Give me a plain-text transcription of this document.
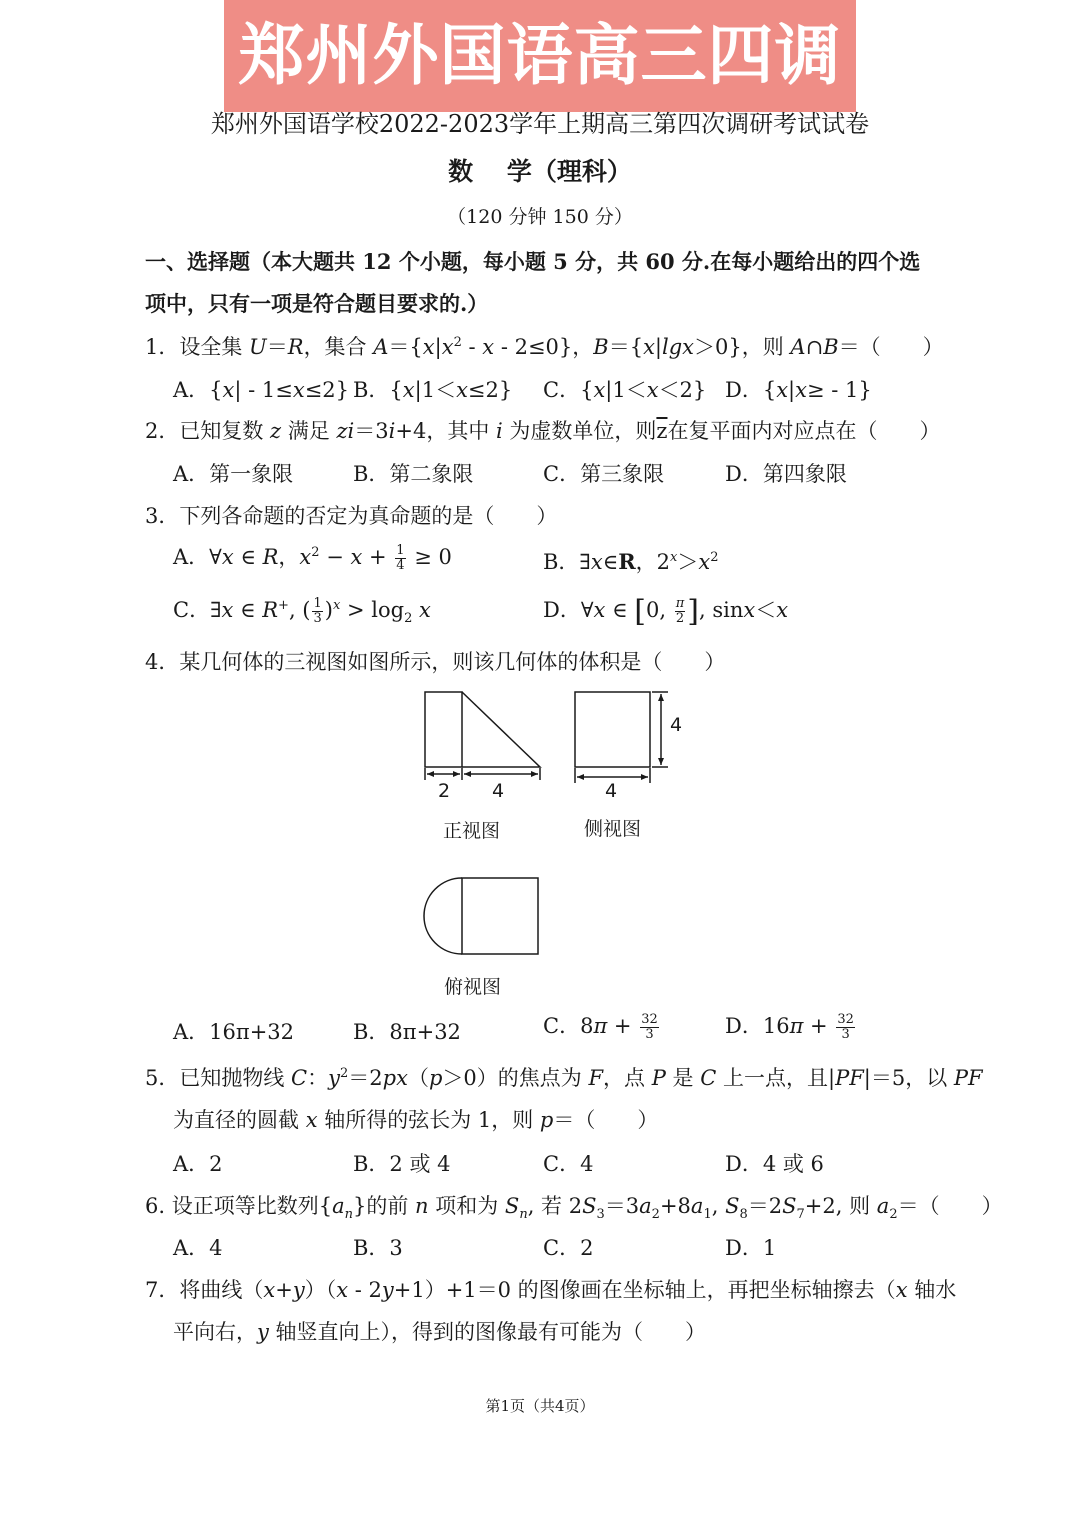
郑州外国语高三四调
郑州外国语学校2022-2023学年上期高三第四次调研考试试卷
数　 学（理科）
（120 分钟 150 分）
一、选择题（本大题共 12 个小题，每小题 5 分，共 60 分.在每小题给出的四个选
项中，只有一项是符合题目要求的.）
1．设全集 U＝R，集合 $A=\{x|x^2 - x - 2\le 0\}$，B＝{x|lgx＞0}，则 A∩B＝（　　）
A．{x| - 1≤x≤2} B．{x|1＜x≤2} C．{x|1＜x＜2} D．{x|x≥ - 1}
2．已知复数 z 满足 zi＝3i+4，其中 i 为虚数单位，则$\overline{z}$在复平面内对应点在（　　）
A．第一象限	B．第二象限	C．第三象限	D．第四象限
3．下列各命题的否定为真命题的是（　　）
A．∀x ∈ R，$x^2 - x + \frac{1}{4} \ge 0$	B．∃x∈R，$2^x>x^2$
C．∃x ∈ R+, ( $\frac{1}{3} )^x > \log_2 x$	D．∀x ∈ [0, $\frac{\pi}{2}$ ], sinx＜x
4．某几何体的三视图如图所示，则该几何体的体积是（　　）
2 4	4
4
正视图	侧视图
俯视图
A．16π+32	B．8π+32	C．$8\pi + \frac{32}{3}$	D．$16\pi + \frac{32}{3}$
5．已知抛物线 C：$y^2=2px(p>0)$的焦点为 F，点 P 是 C 上一点，且|PF|＝5，以 PF
为直径的圆截 x 轴所得的弦长为 1，则 p＝（　　）
A．2	B．2 或 4	C．4	D．4 或 6
6. 设正项等比数列$\{a_n\}$的前 n 项和为 $S_n$, 若 $2S_3=3a_2+8a_1$, $S_8=2S_7+2$, 则 $a_2=$（　　）
A．4	B．3	C．2	D．1
7．将曲线（x+y）（x - 2y+1）+1＝0 的图像画在坐标轴上，再把坐标轴擦去（x 轴水
平向右，y 轴竖直向上），得到的图像最有可能为（　　）
第1页（共4页）
